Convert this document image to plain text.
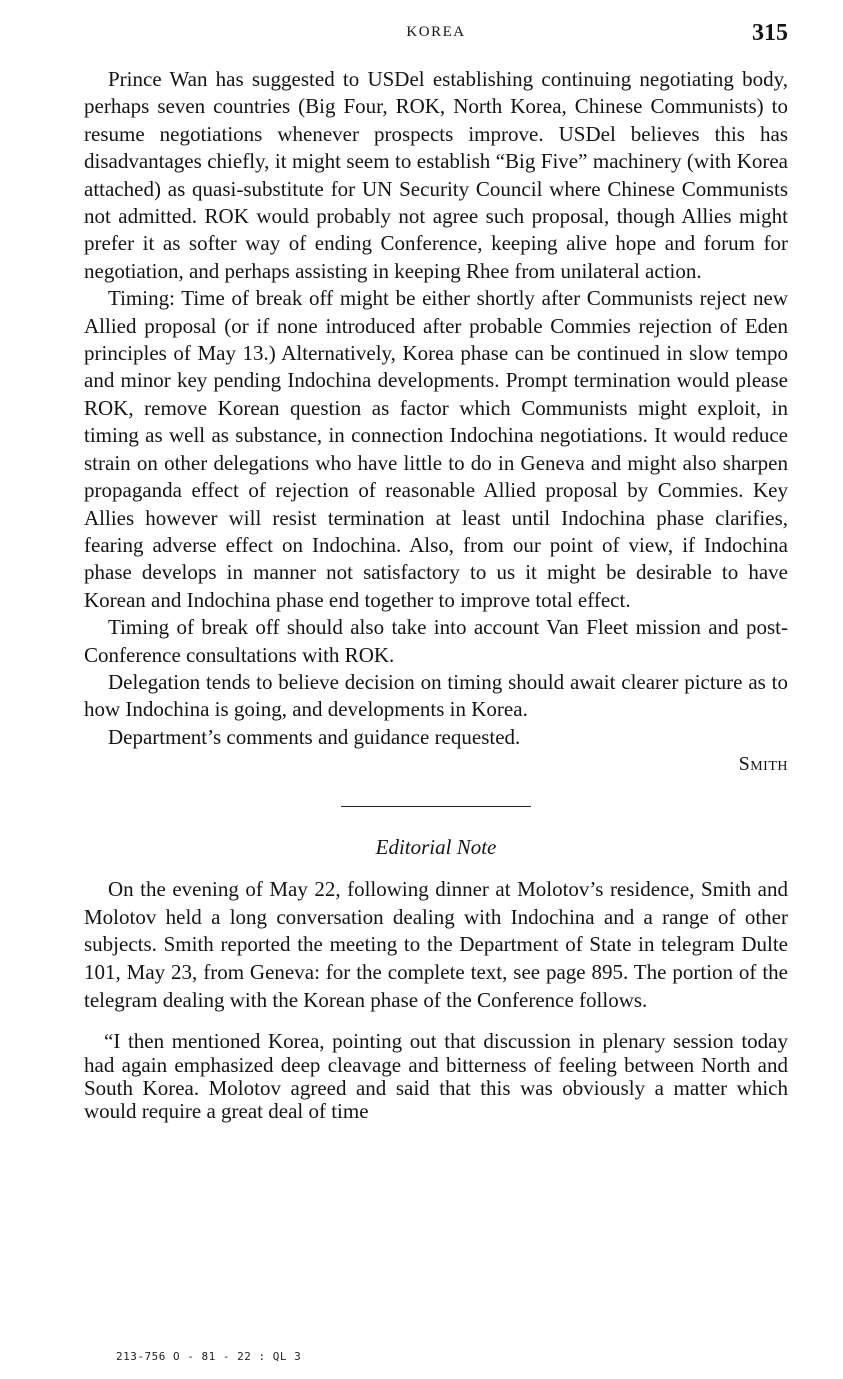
KOREA	315

Prince Wan has suggested to USDel establishing continuing negotiating body, perhaps seven countries (Big Four, ROK, North Korea, Chinese Communists) to resume negotiations whenever prospects improve. USDel believes this has disadvantages chiefly, it might seem to establish “Big Five” machinery (with Korea attached) as quasi-substitute for UN Security Council where Chinese Communists not admitted. ROK would probably not agree such proposal, though Allies might prefer it as softer way of ending Conference, keeping alive hope and forum for negotiation, and perhaps assisting in keeping Rhee from unilateral action.

Timing: Time of break off might be either shortly after Communists reject new Allied proposal (or if none introduced after probable Commies rejection of Eden principles of May 13.) Alternatively, Korea phase can be continued in slow tempo and minor key pending Indochina developments. Prompt termination would please ROK, remove Korean question as factor which Communists might exploit, in timing as well as substance, in connection Indochina negotiations. It would reduce strain on other delegations who have little to do in Geneva and might also sharpen propaganda effect of rejection of reasonable Allied proposal by Commies. Key Allies however will resist termination at least until Indochina phase clarifies, fearing adverse effect on Indochina. Also, from our point of view, if Indochina phase develops in manner not satisfactory to us it might be desirable to have Korean and Indochina phase end together to improve total effect.

Timing of break off should also take into account Van Fleet mission and post-Conference consultations with ROK.

Delegation tends to believe decision on timing should await clearer picture as to how Indochina is going, and developments in Korea.

Department’s comments and guidance requested.

Smith

Editorial Note

On the evening of May 22, following dinner at Molotov’s residence, Smith and Molotov held a long conversation dealing with Indochina and a range of other subjects. Smith reported the meeting to the Department of State in telegram Dulte 101, May 23, from Geneva: for the complete text, see page 895. The portion of the telegram dealing with the Korean phase of the Conference follows.

“I then mentioned Korea, pointing out that discussion in plenary session today had again emphasized deep cleavage and bitterness of feeling between North and South Korea. Molotov agreed and said that this was obviously a matter which would require a great deal of time

213-756 O - 81 - 22 : QL 3
